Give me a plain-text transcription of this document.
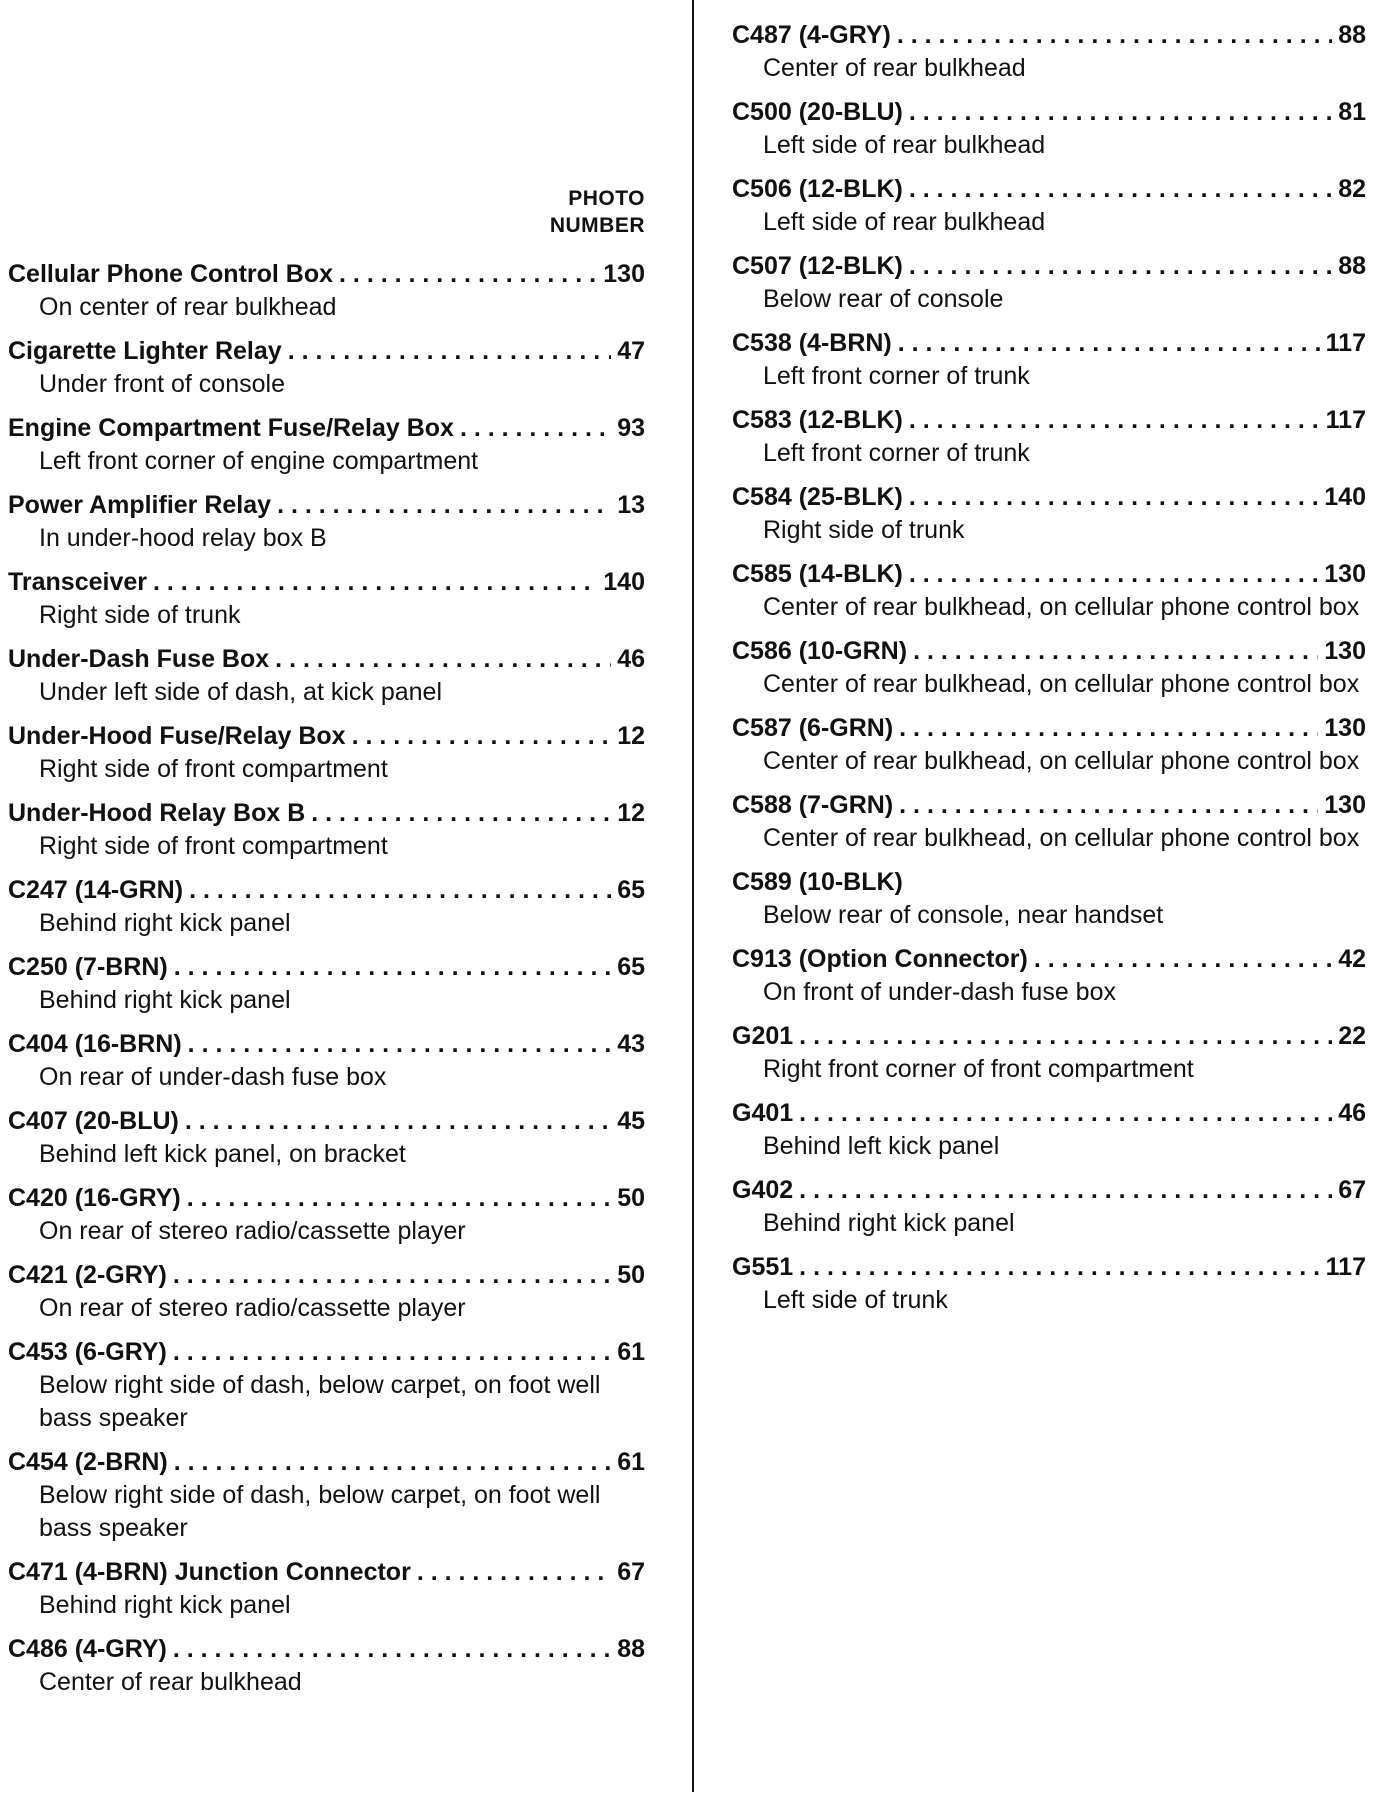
PHOTO
NUMBER
Cellular Phone Control Box . . .	130
On center of rear bulkhead
Cigarette Lighter Relay . . .	47
Under front of console
Engine Compartment Fuse/Relay Box . . .	93
Left front corner of engine compartment
Power Amplifier Relay . . .	13
In under-hood relay box B
Transceiver . . .	140
Right side of trunk
Under-Dash Fuse Box . . .	46
Under left side of dash, at kick panel
Under-Hood Fuse/Relay Box . . .	12
Right side of front compartment
Under-Hood Relay Box B . . .	12
Right side of front compartment
C247 (14-GRN) . . .	65
Behind right kick panel
C250 (7-BRN) . . .	65
Behind right kick panel
C404 (16-BRN) . . .	43
On rear of under-dash fuse box
C407 (20-BLU) . . .	45
Behind left kick panel, on bracket
C420 (16-GRY) . . .	50
On rear of stereo radio/cassette player
C421 (2-GRY) . . .	50
On rear of stereo radio/cassette player
C453 (6-GRY) . . .	61
Below right side of dash, below carpet, on foot well bass speaker
C454 (2-BRN) . . .	61
Below right side of dash, below carpet, on foot well bass speaker
C471 (4-BRN) Junction Connector . . .	67
Behind right kick panel
C486 (4-GRY) . . .	88
Center of rear bulkhead
C487 (4-GRY) . . .	88
Center of rear bulkhead
C500 (20-BLU) . . .	81
Left side of rear bulkhead
C506 (12-BLK) . . .	82
Left side of rear bulkhead
C507 (12-BLK) . . .	88
Below rear of console
C538 (4-BRN) . . .	117
Left front corner of trunk
C583 (12-BLK) . . .	117
Left front corner of trunk
C584 (25-BLK) . . .	140
Right side of trunk
C585 (14-BLK) . . .	130
Center of rear bulkhead, on cellular phone control box
C586 (10-GRN) . . .	130
Center of rear bulkhead, on cellular phone control box
C587 (6-GRN) . . .	130
Center of rear bulkhead, on cellular phone control box
C588 (7-GRN) . . .	130
Center of rear bulkhead, on cellular phone control box
C589 (10-BLK)
Below rear of console, near handset
C913 (Option Connector) . . .	42
On front of under-dash fuse box
G201 . . .	22
Right front corner of front compartment
G401 . . .	46
Behind left kick panel
G402 . . .	67
Behind right kick panel
G551 . . .	117
Left side of trunk
